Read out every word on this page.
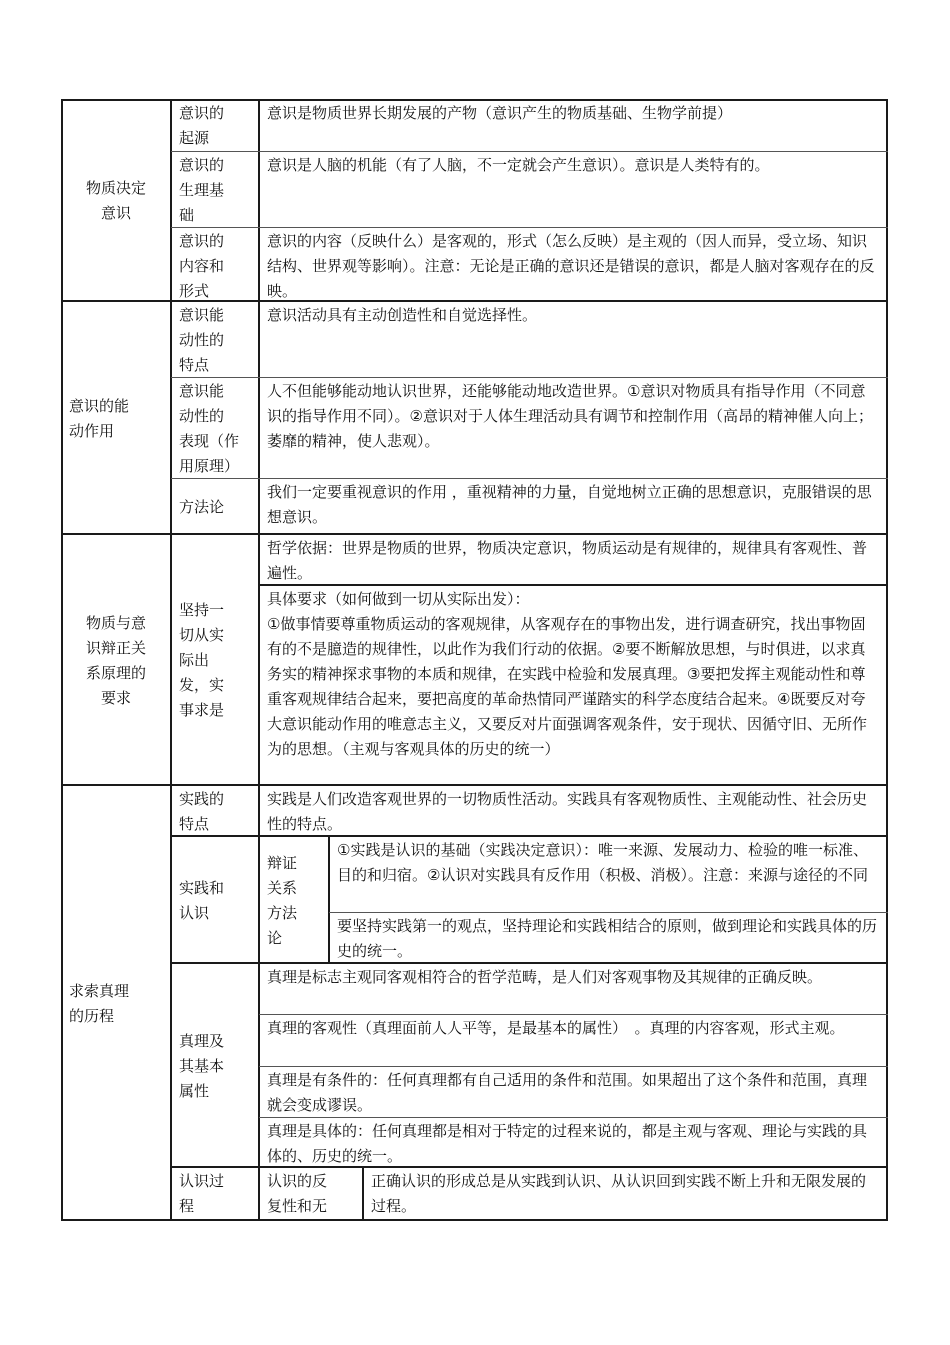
物质决定
意识
意识的
起源
意识是物质世界长期发展的产物（意识产生的物质基础、生物学前提）
意识的
生理基
础
意识是人脑的机能（有了人脑，不一定就会产生意识）。意识是人类特有的。
意识的
内容和
形式
意识的内容（反映什么）是客观的，形式（怎么反映）是主观的（因人而异，受立场、知识结构、世界观等影响）。注意：无论是正确的意识还是错误的意识，都是人脑对客观存在的反映。
意识的能
动作用
意识能
动性的
特点
意识活动具有主动创造性和自觉选择性。
意识能
动性的
表现（作
用原理）
人不但能够能动地认识世界，还能够能动地改造世界。①意识对物质具有指导作用（不同意识的指导作用不同）。②意识对于人体生理活动具有调节和控制作用（高昂的精神催人向上；萎靡的精神，使人悲观）。
方法论
我们一定要重视意识的作用 ，重视精神的力量，自觉地树立正确的思想意识，克服错误的思想意识。
物质与意
识辩正关
系原理的
要求
坚持一
切从实
际出
发，实
事求是
哲学依据：世界是物质的世界，物质决定意识，物质运动是有规律的，规律具有客观性、普遍性。
具体要求（如何做到一切从实际出发）：
①做事情要尊重物质运动的客观规律，从客观存在的事物出发，进行调查研究，找出事物固有的不是臆造的规律性，以此作为我们行动的依据。②要不断解放思想，与时俱进，以求真务实的精神探求事物的本质和规律，在实践中检验和发展真理。③要把发挥主观能动性和尊重客观规律结合起来，要把高度的革命热情同严谨踏实的科学态度结合起来。④既要反对夸大意识能动作用的唯意志主义，又要反对片面强调客观条件，安于现状、因循守旧、无所作为的思想。（主观与客观具体的历史的统一）
求索真理
的历程
实践的
特点
实践是人们改造客观世界的一切物质性活动。实践具有客观物质性、主观能动性、社会历史性的特点。
实践和
认识
辩证
关系
方法
论
①实践是认识的基础（实践决定意识）：唯一来源、发展动力、检验的唯一标准、目的和归宿。②认识对实践具有反作用（积极、消极）。注意：来源与途径的不同
要坚持实践第一的观点，坚持理论和实践相结合的原则，做到理论和实践具体的历史的统一。
真理及
其基本
属性
真理是标志主观同客观相符合的哲学范畴，是人们对客观事物及其规律的正确反映。
真理的客观性（真理面前人人平等，是最基本的属性）　。真理的内容客观，形式主观。
真理是有条件的：任何真理都有自己适用的条件和范围。如果超出了这个条件和范围，真理就会变成谬误。
真理是具体的：任何真理都是相对于特定的过程来说的，都是主观与客观、理论与实践的具体的、历史的统一。
认识过
程
认识的反
复性和无
正确认识的形成总是从实践到认识、从认识回到实践不断上升和无限发展的过程。
